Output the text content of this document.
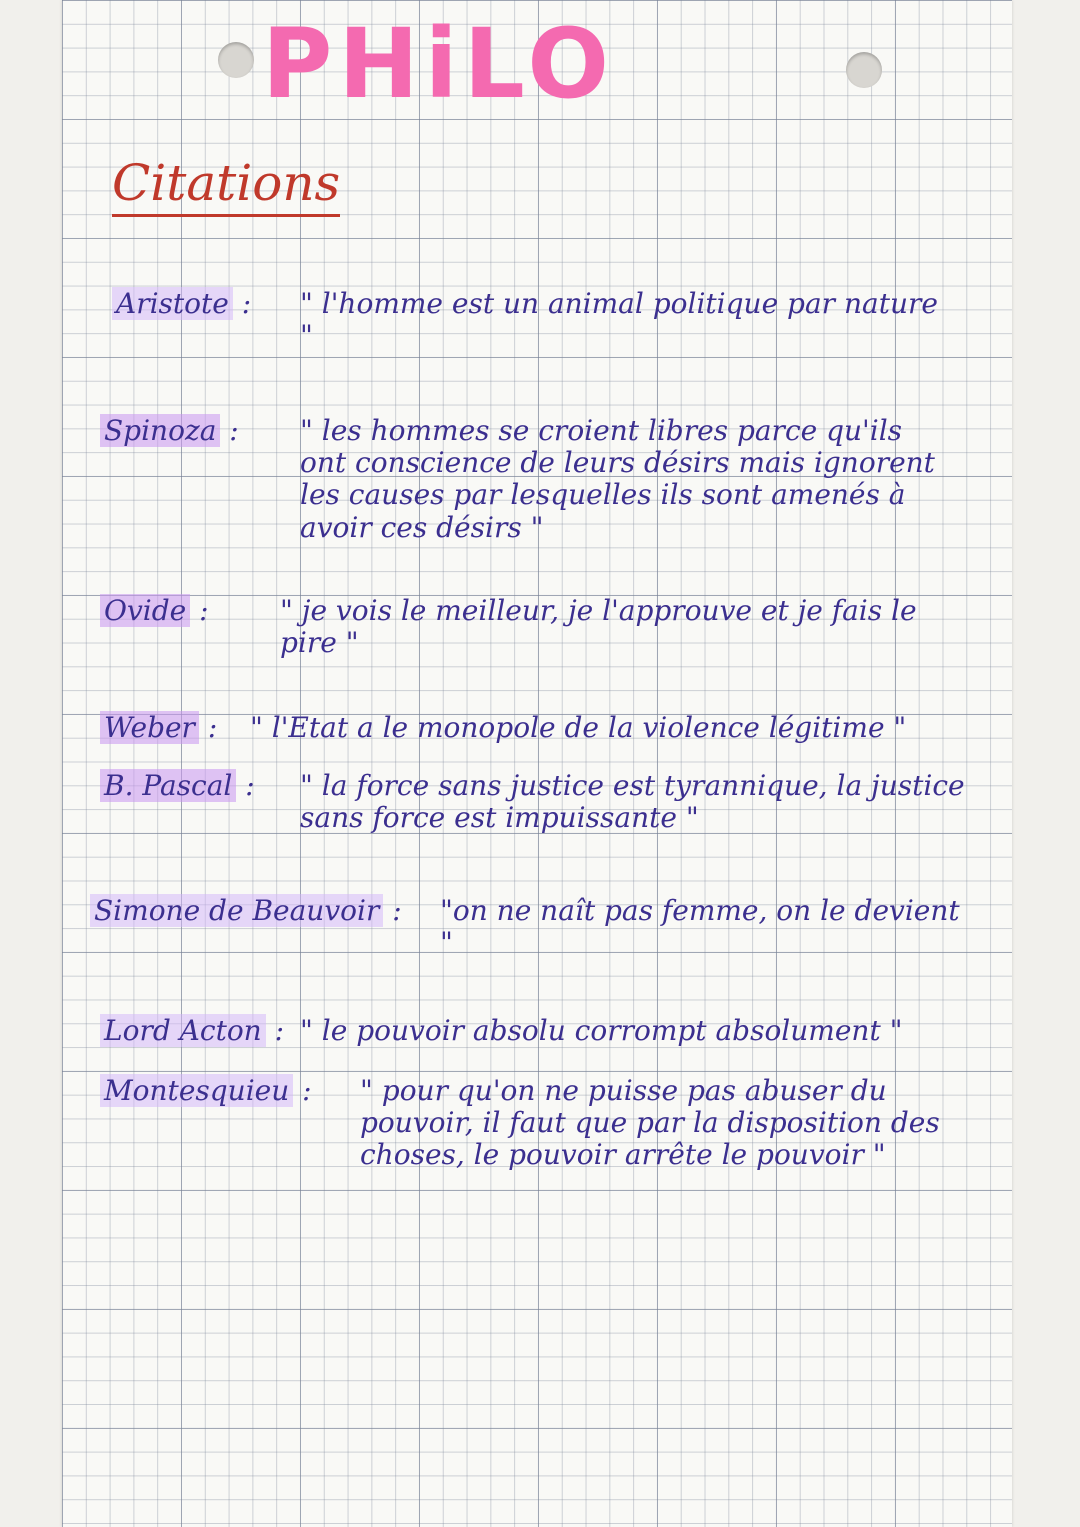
PHiLO
Citations
Aristote : " l'homme est un animal politique par nature "
Spinoza : " les hommes se croient libres parce qu'ils ont conscience de leurs désirs mais ignorent les causes par lesquelles ils sont amenés à avoir ces désirs "
Ovide :	" je vois le meilleur, je l'approuve et je fais le pire "
Weber : " l'Etat a le monopole de la violence légitime "
B. Pascal : " la force sans justice est tyrannique, la justice sans force est impuissante "
Simone de Beauvoir : "on ne naît pas femme, on le devient "
Lord Acton : " le pouvoir absolu corrompt absolument "
Montesquieu : " pour qu'on ne puisse pas abuser du pouvoir, il faut que par la disposition des choses, le pouvoir arrête le pouvoir "
